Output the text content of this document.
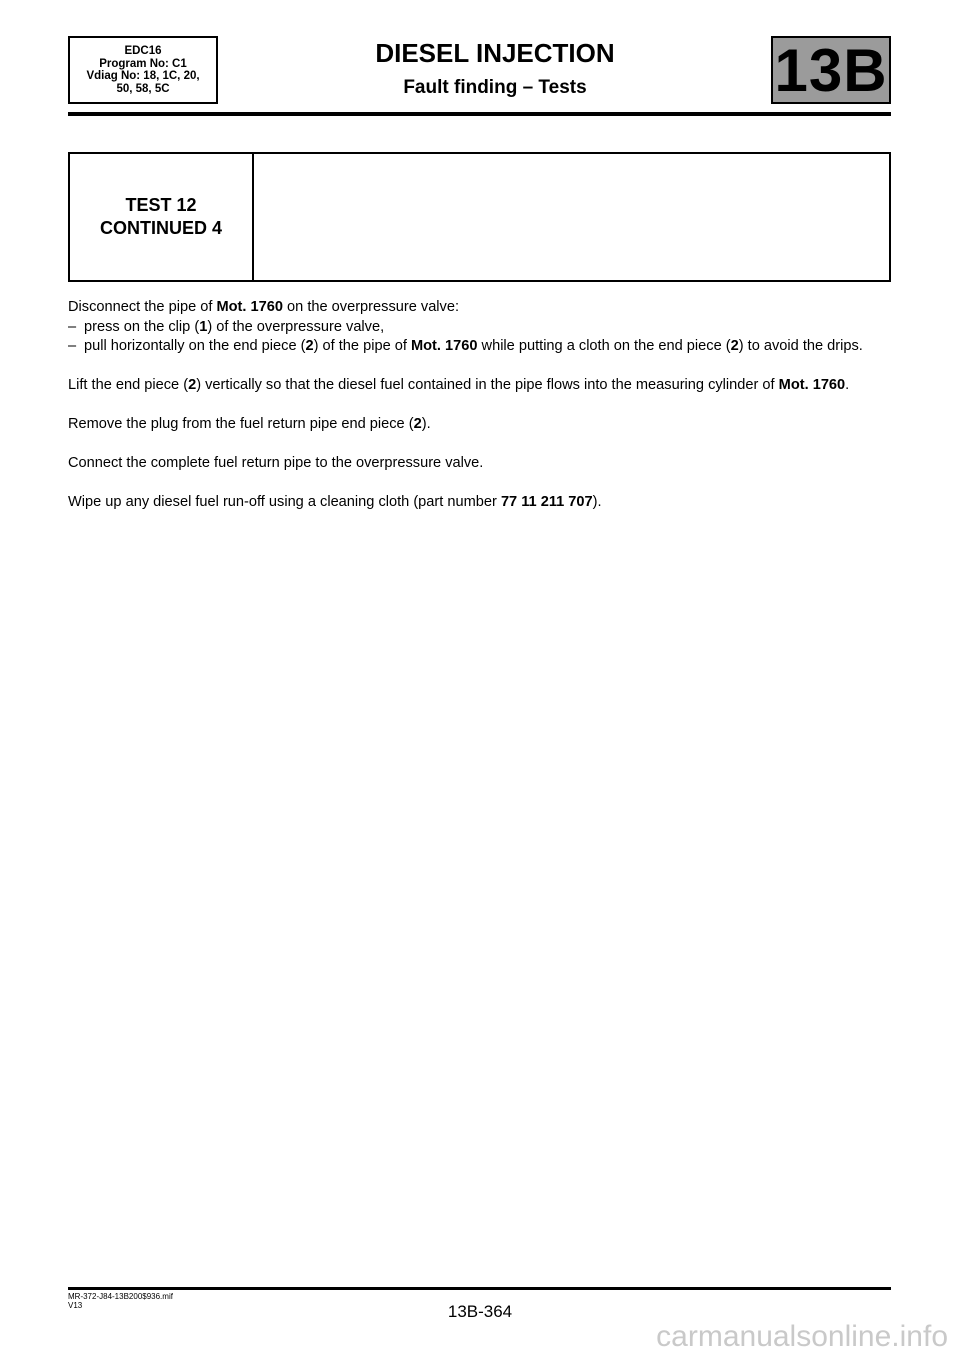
EDC16
Program No: C1
Vdiag No: 18, 1C, 20,
50, 58, 5C
DIESEL INJECTION
Fault finding – Tests	13B
TEST 12
CONTINUED 4

Disconnect the pipe of Mot. 1760 on the overpressure valve:

– press on the clip (1) of the overpressure valve,

– pull horizontally on the end piece (2) of the pipe of Mot. 1760 while putting a cloth on the end piece (2) to avoid the drips.

Lift the end piece (2) vertically so that the diesel fuel contained in the pipe flows into the measuring cylinder of Mot. 1760.

Remove the plug from the fuel return pipe end piece (2).

Connect the complete fuel return pipe to the overpressure valve.

Wipe up any diesel fuel run-off using a cleaning cloth (part number 77 11 211 707).

MR-372-J84-13B200$936.mif
V13	13B-364
carmanualsonline.info
